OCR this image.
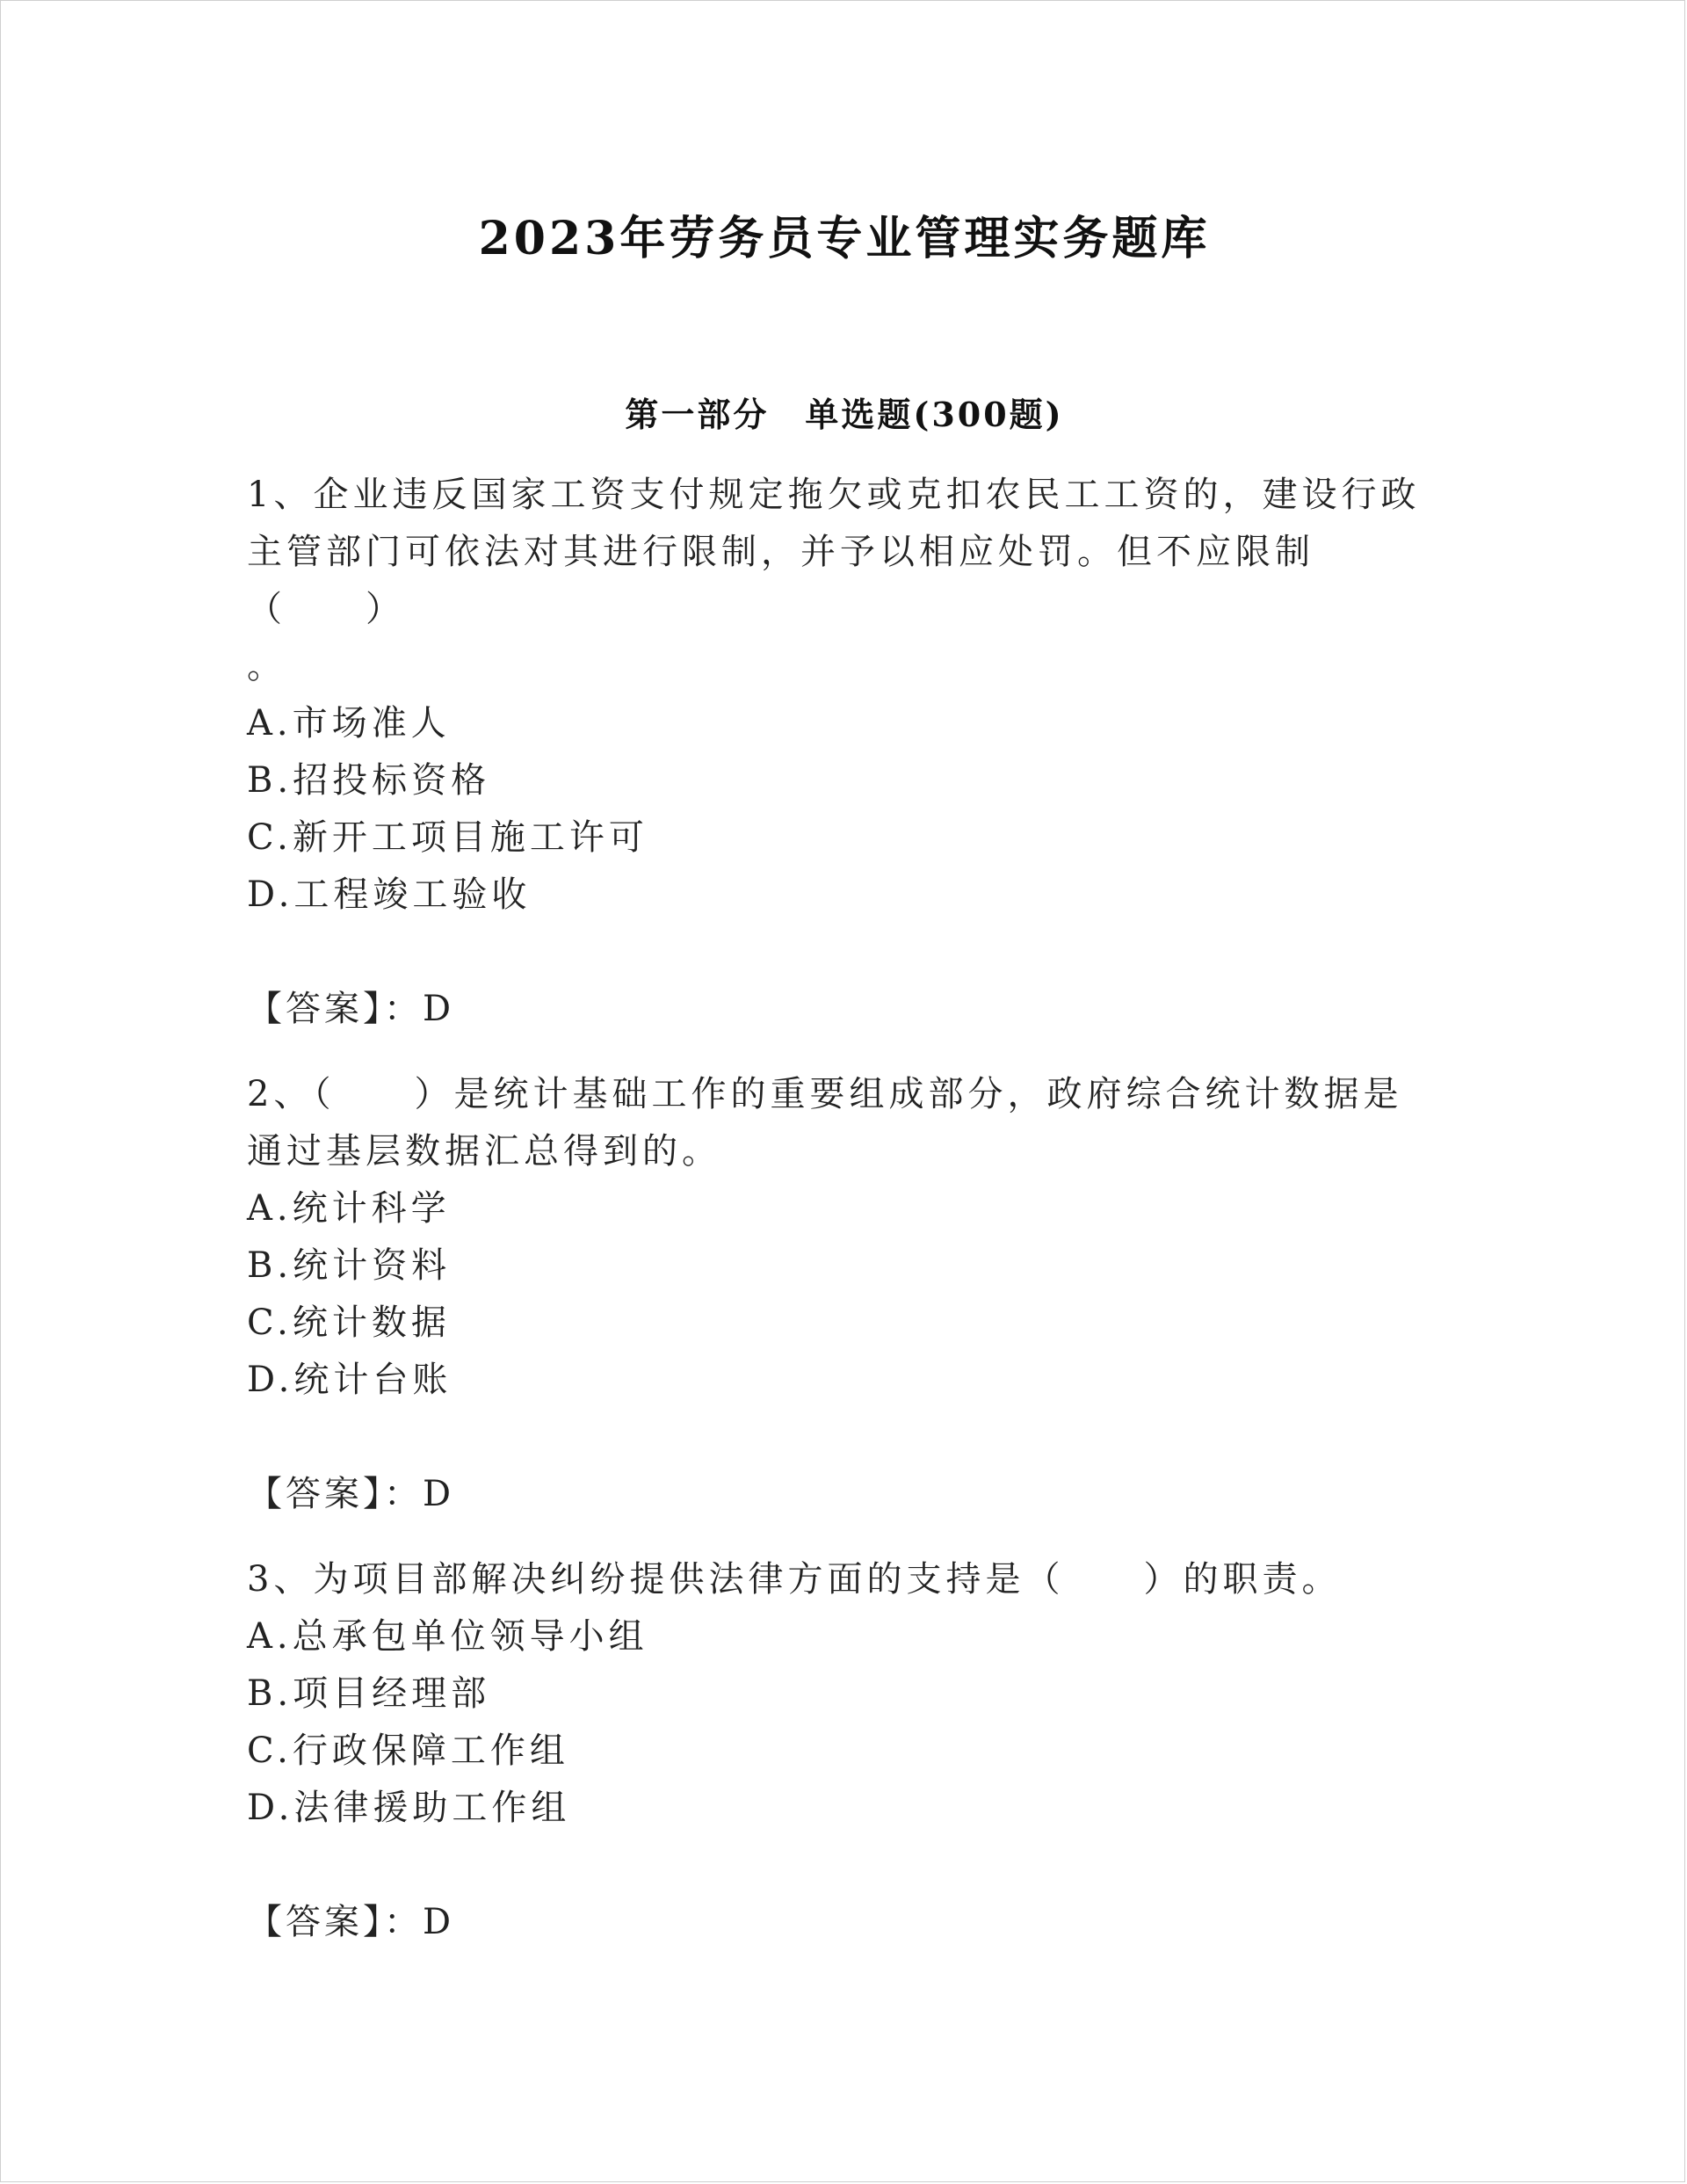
2023年劳务员专业管理实务题库
第一部分　单选题(300题)

1、企业违反国家工资支付规定拖欠或克扣农民工工资的，建设行政主管部门可依法对其进行限制，并予以相应处罚。但不应限制（　　）
。

A.市场准人

B.招投标资格

C.新开工项目施工许可

D.工程竣工验收

【答案】：D

2、（　　）是统计基础工作的重要组成部分，政府综合统计数据是通过基层数据汇总得到的。

A.统计科学

B.统计资料

C.统计数据

D.统计台账

【答案】：D

3、为项目部解决纠纷提供法律方面的支持是（　　）的职责。

A.总承包单位领导小组

B.项目经理部

C.行政保障工作组

D.法律援助工作组

【答案】：D
